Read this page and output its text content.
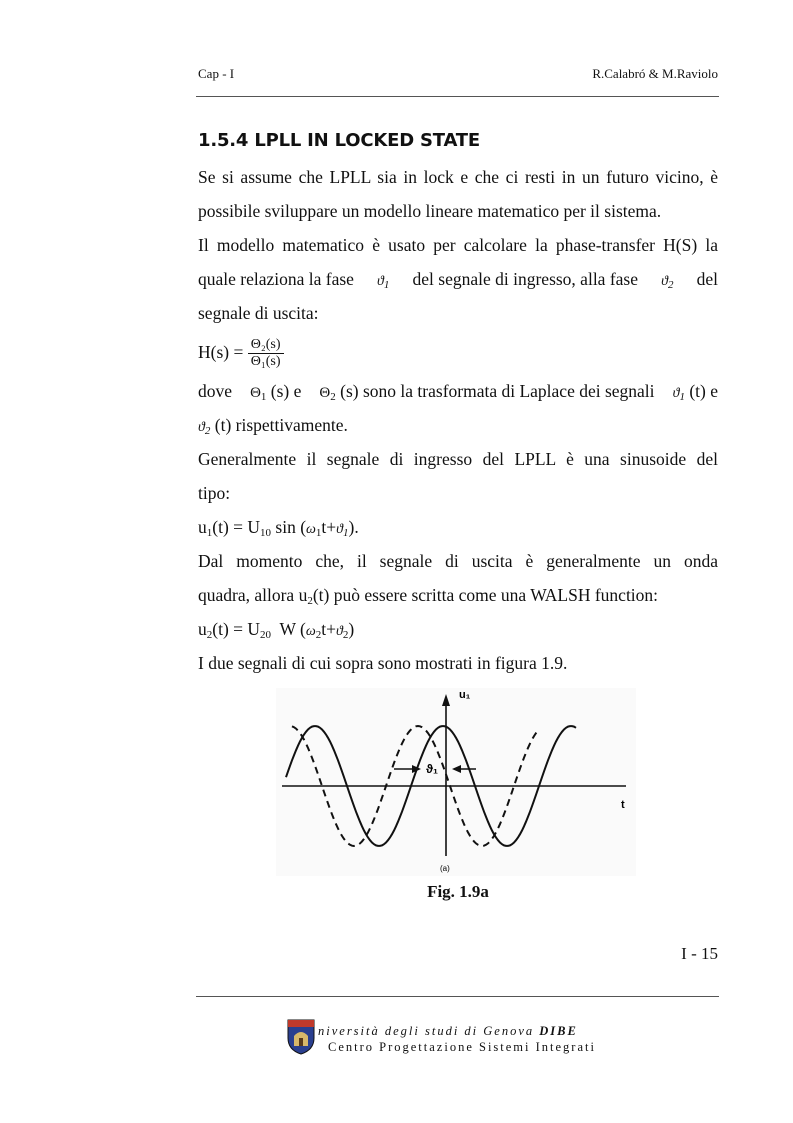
Cap - I	R.Calabró & M.Raviolo
1.5.4 LPLL IN LOCKED STATE
Se si assume che LPLL sia in lock e che ci resti in un futuro vicino, è
possibile sviluppare un modello lineare matematico per il sistema.
Il modello matematico è usato per calcolare la phase-transfer H(S) la
quale relaziona la fase $ϑ_1$ del segnale di ingresso, alla fase $ϑ_2$ del
segnale di uscita:
$H(s) = \frac{\text{Θ₂(s)}}{\text{Θ₁(s)}}$
dove $\Theta_1$ (s) e $\Theta_2$ (s) sono la trasformata di Laplace dei segnali $ϑ_1$ (t) e
$ϑ_2$ (t) rispettivamente.
Generalmente il segnale di ingresso del LPLL è una sinusoide del
tipo:
$u_1(t) = U_{10}$ $\sin (\omega_1t+ϑ_1)$.
Dal momento che, il segnale di uscita è generalmente un onda
quadra, allora $u_2(t)$ può essere scritta come una WALSH function:
$u_2(t) = U_{20}$ W $(\omega_2t+ϑ_2)$
I due segnali di cui sopra sono mostrati in figura 1.9.
u₁
t
(a)
ϑ₁
Fig. 1.9a
I - 15
niversità degli studi di Genova DIBE
Centro Progettazione Sistemi Integrati
